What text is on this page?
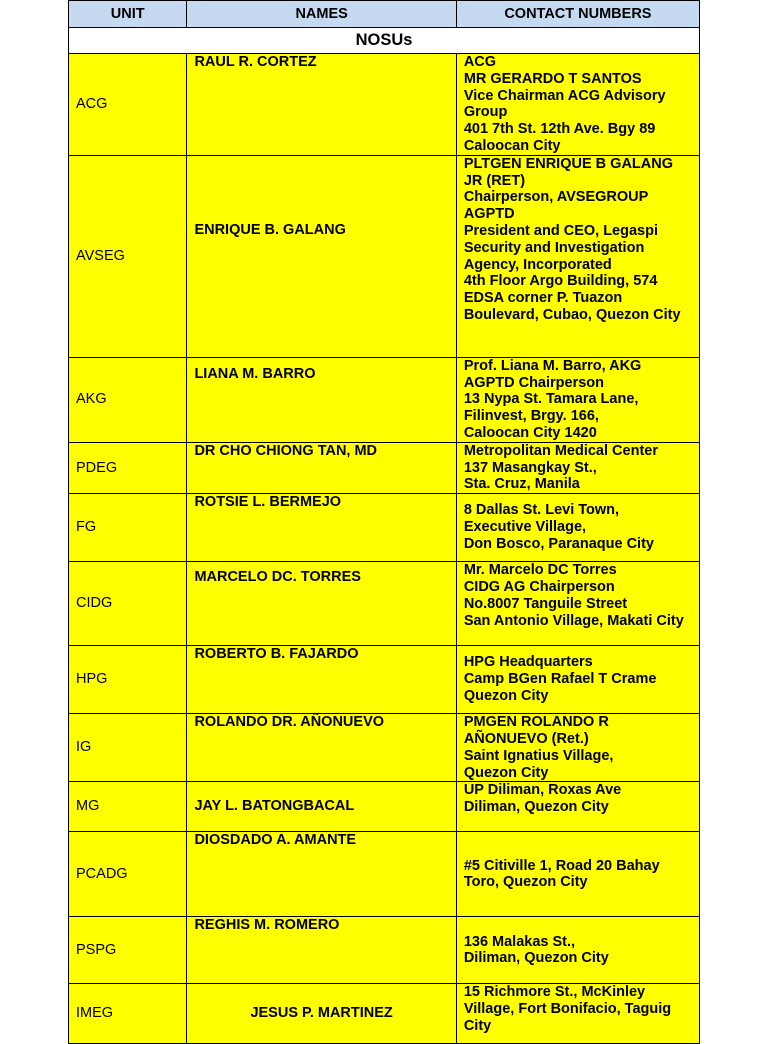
UNIT	NAMES	CONTACT NUMBERS
NOSUs		
ACG	RAUL R. CORTEZ	ACG
MR GERARDO T SANTOS
Vice Chairman ACG Advisory Group
401 7th St. 12th Ave. Bgy 89
Caloocan City
AVSEG	ENRIQUE B. GALANG	PLTGEN ENRIQUE B GALANG JR (RET)
Chairperson, AVSEGROUP AGPTD
President and CEO, Legaspi Security and Investigation Agency, Incorporated
4th Floor Argo Building, 574 EDSA corner P. Tuazon Boulevard, Cubao, Quezon City
AKG	LIANA M. BARRO	Prof. Liana M. Barro, AKG AGPTD Chairperson
13 Nypa St. Tamara Lane, Filinvest, Brgy. 166,
Caloocan City 1420
PDEG	DR CHO CHIONG TAN, MD	Metropolitan Medical Center
137 Masangkay St.,
Sta. Cruz, Manila
FG	ROTSIE L. BERMEJO	8 Dallas St. Levi Town,
Executive Village,
Don Bosco, Paranaque City
CIDG	MARCELO DC. TORRES	Mr. Marcelo DC Torres
CIDG AG Chairperson
No.8007 Tanguile Street
San Antonio Village, Makati City
HPG	ROBERTO B. FAJARDO	HPG Headquarters
Camp BGen Rafael T Crame
Quezon City
IG	ROLANDO DR. AÑONUEVO	PMGEN ROLANDO R AÑONUEVO (Ret.)
Saint Ignatius Village,
Quezon City
MG	JAY L. BATONGBACAL	UP Diliman, Roxas Ave
Diliman, Quezon City
PCADG	DIOSDADO A. AMANTE	#5 Citiville 1, Road 20 Bahay Toro, Quezon City
PSPG	REGHIS M. ROMERO	136 Malakas St.,
Diliman, Quezon City
IMEG	JESUS P. MARTINEZ	15 Richmore St., McKinley Village, Fort Bonifacio, Taguig City
